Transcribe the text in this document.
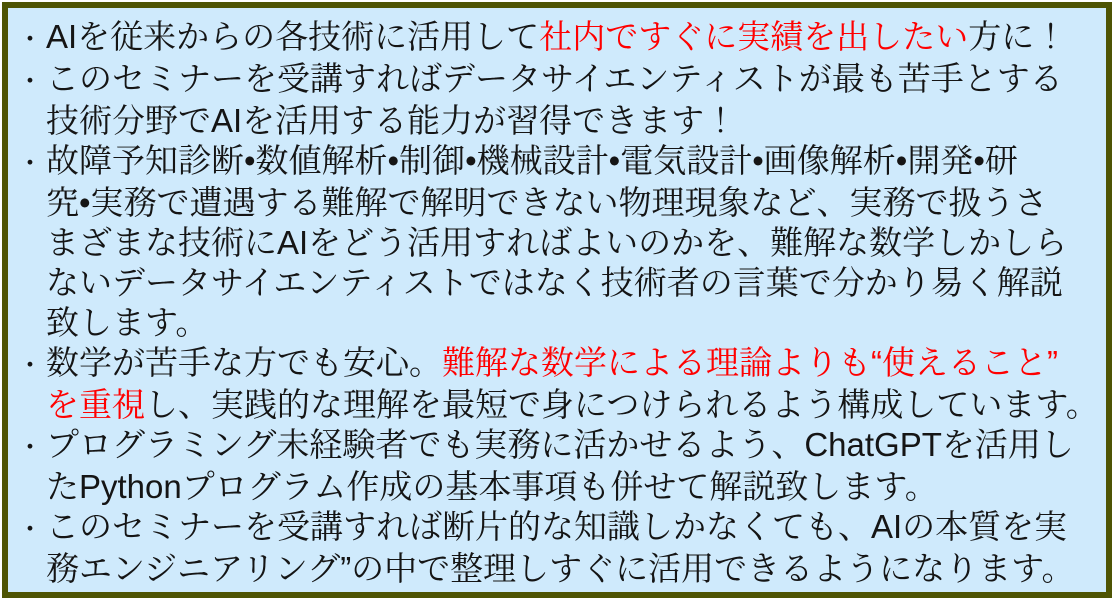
・ AIを従来からの各技術に活用して 社内ですぐに実績を出したい 方に！
・ このセミナーを受講すればデータサイエンティストが最も苦手とする
技術分野でAIを活用する能力が習得できます！
・ 故障予知診断•数値解析•制御•機械設計•電気設計•画像解析•開発•研
究•実務で遭遇する難解で解明できない物理現象など、実務で扱うさ
まざまな技術にAIをどう活用すればよいのかを、難解な数学しかしら
ないデータサイエンティストではなく技術者の言葉で分かり易く解説
致します。
・ 数学が苦手な方でも安心。 難解な数学による理論よりも“使えること”
を重視 し、実践的な理解を最短で身につけられるよう構成しています。
・ プログラミング未経験者でも実務に活かせるよう、ChatGPTを活用し
たPythonプログラム作成の基本事項も併せて解説致します。
・ このセミナーを受講すれば断片的な知識しかなくても、AIの本質を実
務エンジニアリング”の中で整理しすぐに活用できるようになります。
